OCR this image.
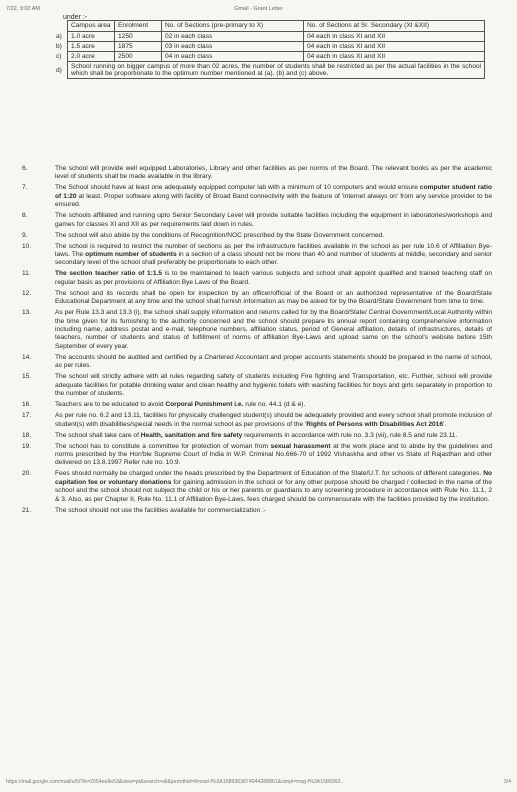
7/22, 9:02 AM	Gmail - Grant Letter
under :-
	Campus area	Enrolment	No. of Sections (pre-primary to X)	No. of Sections at Sr. Secondary (XI &XII)
a)	1.0 acre	1250	02 in each class	04 each in class XI and XII
b)	1.5 acre	1875	03 in each class	04 each in class XI and XII
c)	2.0 acre	2500	04 in each class	04 each in class XI and XII
d)	School running on bigger campus of more than 02 acres, the number of students shall be restricted as per the actual facilities in the school which shall be proportionate to the optimum number mentioned at (a), (b) and (c) above.			
6.	The school will provide well equipped Laboratories, Library and other facilities as per norms of the Board. The relevant books as per the academic level of students shall be made available in the library.
7.	The School should have at least one adequately equipped computer lab with a minimum of 10 computers and would ensure computer student ratio of 1:20 at least. Proper software along with facility of Broad Band connectivity with the feature of 'internet always on' from any service provider to be ensured.
8.	The schools affiliated and running upto Senior Secondary Level will provide suitable facilities including the equipment in laboratories/workshops and games for classes XI and XII as per requirements laid down in rules.
9.	The school will also abide by the conditions of Recognition/NOC prescribed by the State Government concerned.
10.	The school is required to restrict the number of sections as per the infrastructure facilities available in the school as per rule 10.6 of Affiliation Bye-laws. The optimum number of students in a section of a class should not be more than 40 and number of students at middle, secondary and senior secondary level of the school shall preferably be proportionate to each other.
11.	The section teacher ratio of 1:1.5 is to be maintained to teach various subjects and school shall appoint qualified and trained teaching staff on regular basis as per provisions of Affiliation Bye Laws of the Board.
12.	The school and its records shall be open for inspection by an officer/official of the Board or an authorized representative of the Board/State Educational Department at any time and the school shall furnish information as may be asked for by the Board/State Government from time to time.
13.	As per Rule 13.3 and 13.3 (i), the school shall supply information and returns called for by the Board/State/ Central Government/Local Authority within the time given for its furnishing to the authority concerned and the school should prepare its annual report containing comprehensive information including name, address postal and e-mail, telephone numbers, affiliation status, period of General affiliation, details of infrastructures, details of teachers, number of students and status of fulfillment of norms of affiliation Bye-Laws and upload same on the school's website before 15th September of every year.
14.	The accounts should be audited and certified by a Chartered Accountant and proper accounts statements should be prepared in the name of school, as per rules.
15.	The school will strictly adhere with all rules regarding safety of students including Fire fighting and Transportation, etc. Further, school will provide adequate facilities for potable drinking water and clean healthy and hygienic toilets with washing facilities for boys and girls separately in proportion to the number of students.
16.	Teachers are to be educated to avoid Corporal Punishment i.e. rule no. 44.1 (d & e).
17.	As per rule no. 6.2 and 13.11, facilities for physically challenged student(s) should be adequately provided and every school shall promote inclusion of student(s) with disabilities/special needs in the normal school as per provisions of the 'Rights of Persons with Disabilities Act 2016'.
18.	The school shall take care of Health, sanitation and fire safety requirements in accordance with rule no. 3.3 (vii), rule 8.5 and rule 23.11.
19.	The school has to constitute a committee for protection of woman from sexual harassment at the work place and to abide by the guidelines and norms prescribed by the Hon'ble Supreme Court of India in W.P. Criminal No.666-70 of 1992 Vishaskha and other vs State of Rajasthan and other delivered on 13.8.1997 Refer rule no. 10.9.
20.	Fees should normally be charged under the heads prescribed by the Department of Education of the State/U.T. for schools of different categories. No capitation fee or voluntary donations for gaining admission in the school or for any other purpose should be charged / collected in the name of the school and the school should not subject the child or his or her parents or guardians to any screening procedure in accordance with Rule No. 11.1, 2 & 3. Also, as per Chapter II, Rule No. 11.1 of Affiliation Bye-Laws, fees charged should be commensurate with the facilities provided by the institution.
21.	The school should not use the facilities available for commercialization :-
https://mail.google.com/mail/u/0/?ik=2054ee8e53&view=pt&search=all&permthid=thread-f%3A1689363874944388861&simpl=msg-f%3A1689363...	3/4
